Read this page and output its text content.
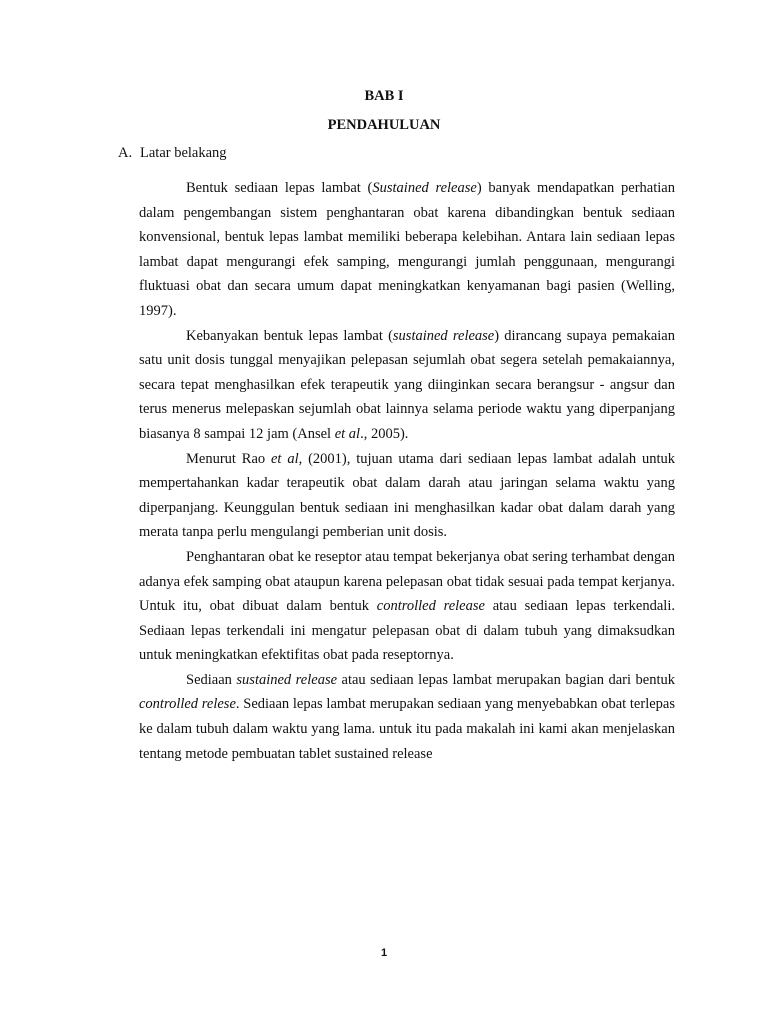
BAB I
PENDAHULUAN
A. Latar belakang

Bentuk sediaan lepas lambat (Sustained release) banyak mendapatkan perhatian dalam pengembangan sistem penghantaran obat karena dibandingkan bentuk sediaan konvensional, bentuk lepas lambat memiliki beberapa kelebihan. Antara lain sediaan lepas lambat dapat mengurangi efek samping, mengurangi jumlah penggunaan, mengurangi fluktuasi obat dan secara umum dapat meningkatkan kenyamanan bagi pasien (Welling, 1997).

Kebanyakan bentuk lepas lambat (sustained release) dirancang supaya pemakaian satu unit dosis tunggal menyajikan pelepasan sejumlah obat segera setelah pemakaiannya, secara tepat menghasilkan efek terapeutik yang diinginkan secara berangsur - angsur dan terus menerus melepaskan sejumlah obat lainnya selama periode waktu yang diperpanjang biasanya 8 sampai 12 jam (Ansel et al., 2005).

Menurut Rao et al, (2001), tujuan utama dari sediaan lepas lambat adalah untuk mempertahankan kadar terapeutik obat dalam darah atau jaringan selama waktu yang diperpanjang. Keunggulan bentuk sediaan ini menghasilkan kadar obat dalam darah yang merata tanpa perlu mengulangi pemberian unit dosis.

Penghantaran obat ke reseptor atau tempat bekerjanya obat sering terhambat dengan adanya efek samping obat ataupun karena pelepasan obat tidak sesuai pada tempat kerjanya. Untuk itu, obat dibuat dalam bentuk controlled release atau sediaan lepas terkendali. Sediaan lepas terkendali ini mengatur pelepasan obat di dalam tubuh yang dimaksudkan untuk meningkatkan efektifitas obat pada reseptornya.

Sediaan sustained release atau sediaan lepas lambat merupakan bagian dari bentuk controlled relese. Sediaan lepas lambat merupakan sediaan yang menyebabkan obat terlepas ke dalam tubuh dalam waktu yang lama. untuk itu pada makalah ini kami akan menjelaskan tentang metode pembuatan tablet sustained release

1
